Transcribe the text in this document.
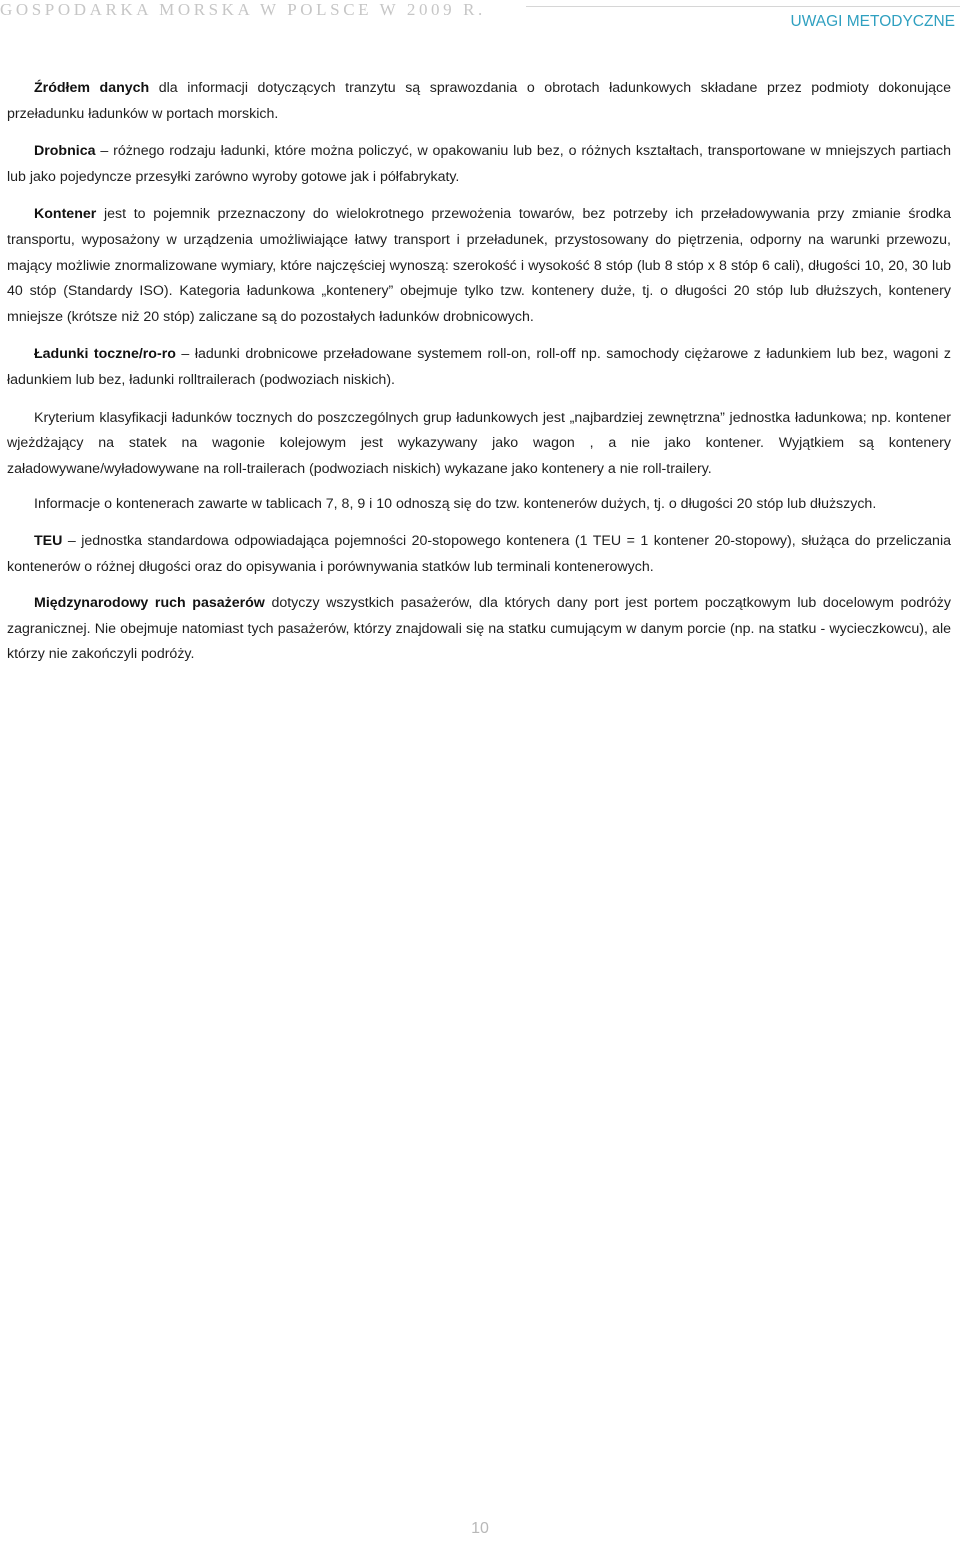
GOSPODARKA MORSKA W POLSCE W 2009 R.
UWAGI METODYCZNE

Źródłem danych dla informacji dotyczących tranzytu są sprawozdania o obrotach ładunkowych składane przez podmioty dokonujące przeładunku ładunków w portach morskich.

Drobnica – różnego rodzaju ładunki, które można policzyć, w opakowaniu lub bez, o różnych kształtach, transportowane w mniejszych partiach lub jako pojedyncze przesyłki zarówno wyroby gotowe jak i półfabrykaty.

Kontener jest to pojemnik przeznaczony do wielokrotnego przewożenia towarów, bez potrzeby ich przeładowywania przy zmianie środka transportu, wyposażony w urządzenia umożliwiające łatwy transport i przeładunek, przystosowany do piętrzenia, odporny na warunki przewozu, mający możliwie znormalizowane wymiary, które najczęściej wynoszą: szerokość i wysokość 8 stóp (lub 8 stóp x 8 stóp 6 cali), długości 10, 20, 30 lub 40 stóp (Standardy ISO). Kategoria ładunkowa „kontenery” obejmuje tylko tzw. kontenery duże, tj. o długości 20 stóp lub dłuższych, kontenery mniejsze (krótsze niż 20 stóp) zaliczane są do pozostałych ładunków drobnicowych.

Ładunki toczne/ro-ro – ładunki drobnicowe przeładowane systemem roll-on, roll-off np. samochody ciężarowe z ładunkiem lub bez, wagoni z ładunkiem lub bez, ładunki rolltrailerach (podwoziach niskich).

Kryterium klasyfikacji ładunków tocznych do poszczególnych grup ładunkowych jest „najbardziej zewnętrzna” jednostka ładunkowa; np. kontener wjeżdżający na statek na wagonie kolejowym jest wykazywany jako wagon , a nie jako kontener. Wyjątkiem są kontenery załadowywane/wyładowywane na roll-trailerach (podwoziach niskich) wykazane jako kontenery a nie roll-trailery.

Informacje o kontenerach zawarte w tablicach 7, 8, 9 i 10 odnoszą się do tzw. kontenerów dużych, tj. o długości 20 stóp lub dłuższych.

TEU – jednostka standardowa odpowiadająca pojemności 20-stopowego kontenera (1 TEU = 1 kontener 20-stopowy), służąca do przeliczania kontenerów o różnej długości oraz do opisywania i porównywania statków lub terminali kontenerowych.

Międzynarodowy ruch pasażerów dotyczy wszystkich pasażerów, dla których dany port jest portem początkowym lub docelowym podróży zagranicznej. Nie obejmuje natomiast tych pasażerów, którzy znajdowali się na statku cumującym w danym porcie (np. na statku - wycieczkowcu), ale którzy nie zakończyli podróży.

10
